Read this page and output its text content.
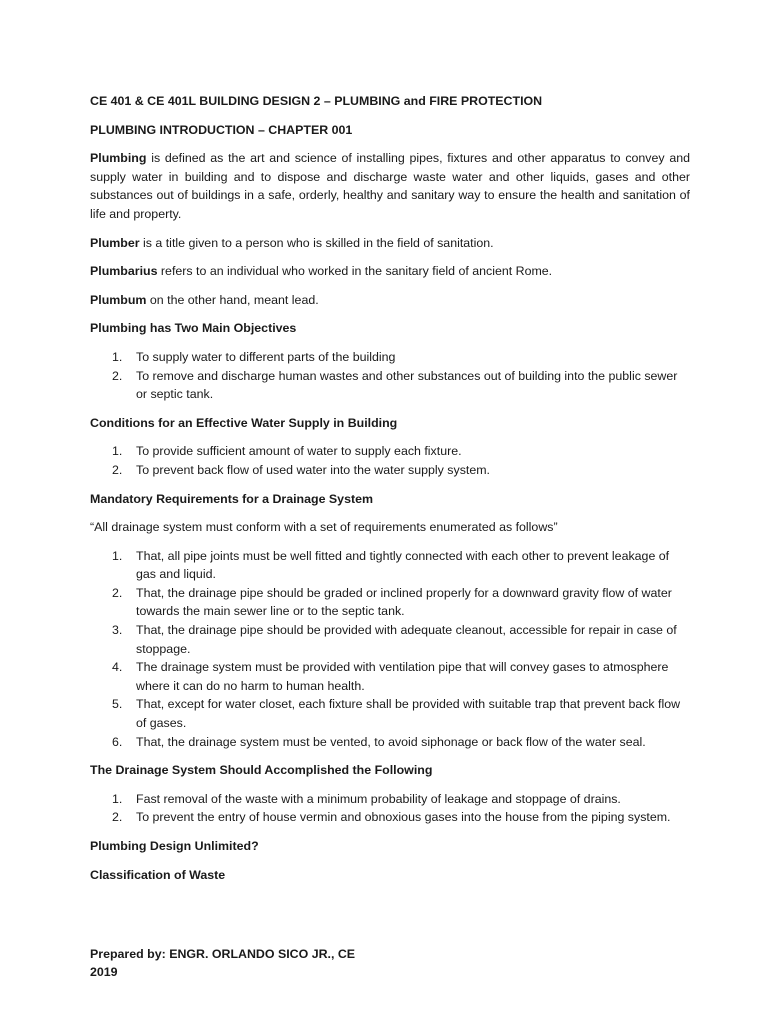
CE 401 & CE 401L BUILDING DESIGN 2 – PLUMBING and FIRE PROTECTION
PLUMBING INTRODUCTION – CHAPTER 001

Plumbing is defined as the art and science of installing pipes, fixtures and other apparatus to convey and supply water in building and to dispose and discharge waste water and other liquids, gases and other substances out of buildings in a safe, orderly, healthy and sanitary way to ensure the health and sanitation of life and property.

Plumber is a title given to a person who is skilled in the field of sanitation.

Plumbarius refers to an individual who worked in the sanitary field of ancient Rome.

Plumbum on the other hand, meant lead.

Plumbing has Two Main Objectives
1. To supply water to different parts of the building
2. To remove and discharge human wastes and other substances out of building into the public sewer or septic tank.
Conditions for an Effective Water Supply in Building
1. To provide sufficient amount of water to supply each fixture.
2. To prevent back flow of used water into the water supply system.
Mandatory Requirements for a Drainage System

“All drainage system must conform with a set of requirements enumerated as follows”

1. That, all pipe joints must be well fitted and tightly connected with each other to prevent leakage of gas and liquid.
2. That, the drainage pipe should be graded or inclined properly for a downward gravity flow of water towards the main sewer line or to the septic tank.
3. That, the drainage pipe should be provided with adequate cleanout, accessible for repair in case of stoppage.
4. The drainage system must be provided with ventilation pipe that will convey gases to atmosphere where it can do no harm to human health.
5. That, except for water closet, each fixture shall be provided with suitable trap that prevent back flow of gases.
6. That, the drainage system must be vented, to avoid siphonage or back flow of the water seal.
The Drainage System Should Accomplished the Following
1. Fast removal of the waste with a minimum probability of leakage and stoppage of drains.
2. To prevent the entry of house vermin and obnoxious gases into the house from the piping system.
Plumbing Design Unlimited?
Classification of Waste
Prepared by: ENGR. ORLANDO SICO JR., CE
2019
